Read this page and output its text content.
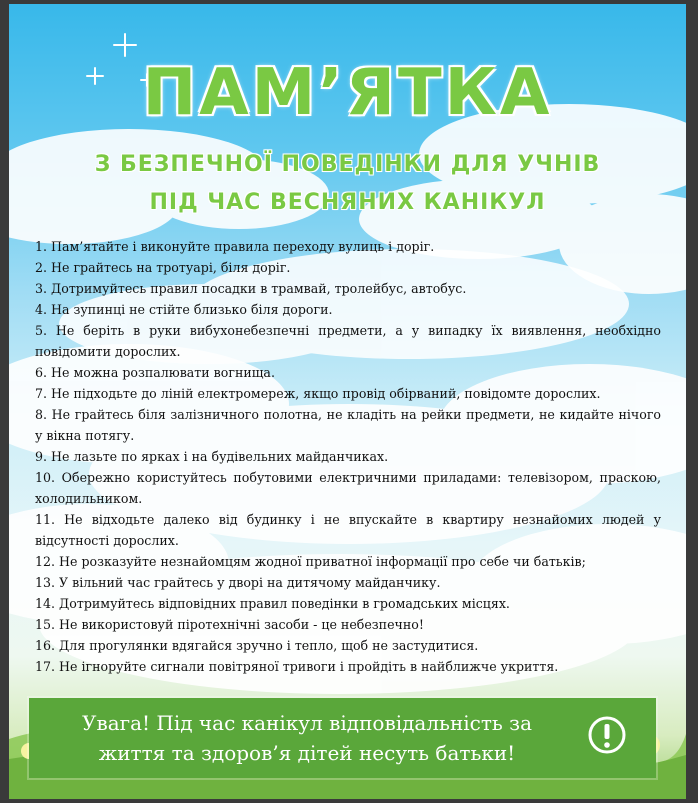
ПАМ’ЯТКА
З БЕЗПЕЧНОЇ ПОВЕДІНКИ ДЛЯ УЧНІВ
ПІД ЧАС ВЕСНЯНИХ КАНІКУЛ
1. Пам’ятайте і виконуйте правила переходу вулиць і доріг.
2. Не грайтесь на тротуарі, біля доріг.
3. Дотримуйтесь правил посадки в трамвай, тролейбус, автобус.
4. На зупинці не стійте близько біля дороги.
5. Не беріть в руки вибухонебезпечні предмети, а у випадку їх виявлення, необхідно повідомити дорослих.
6. Не можна розпалювати вогнища.
7. Не підходьте до ліній електромереж, якщо провід обірваний, повідомте дорослих.
8. Не грайтесь біля залізничного полотна, не кладіть на рейки предмети, не кидайте нічого у вікна потягу.
9. Не лазьте по ярках і на будівельних майданчиках.
10. Обережно користуйтесь побутовими електричними приладами: телевізором, праскою, холодильником.
11. Не відходьте далеко від будинку і не впускайте в квартиру незнайомих людей у відсутності дорослих.
12. Не розказуйте незнайомцям жодної приватної інформації про себе чи батьків;
13. У вільний час грайтесь у дворі на дитячому майданчику.
14. Дотримуйтесь відповідних правил поведінки в громадських місцях.
15. Не використовуй піротехнічні засоби - це небезпечно!
16. Для прогулянки вдягайся зручно і тепло, щоб не застудитися.
17. Не ігноруйте сигнали повітряної тривоги і пройдіть в найближче укриття.
Увага! Під час канікул відповідальність за
життя та здоров’я дітей несуть батьки!
